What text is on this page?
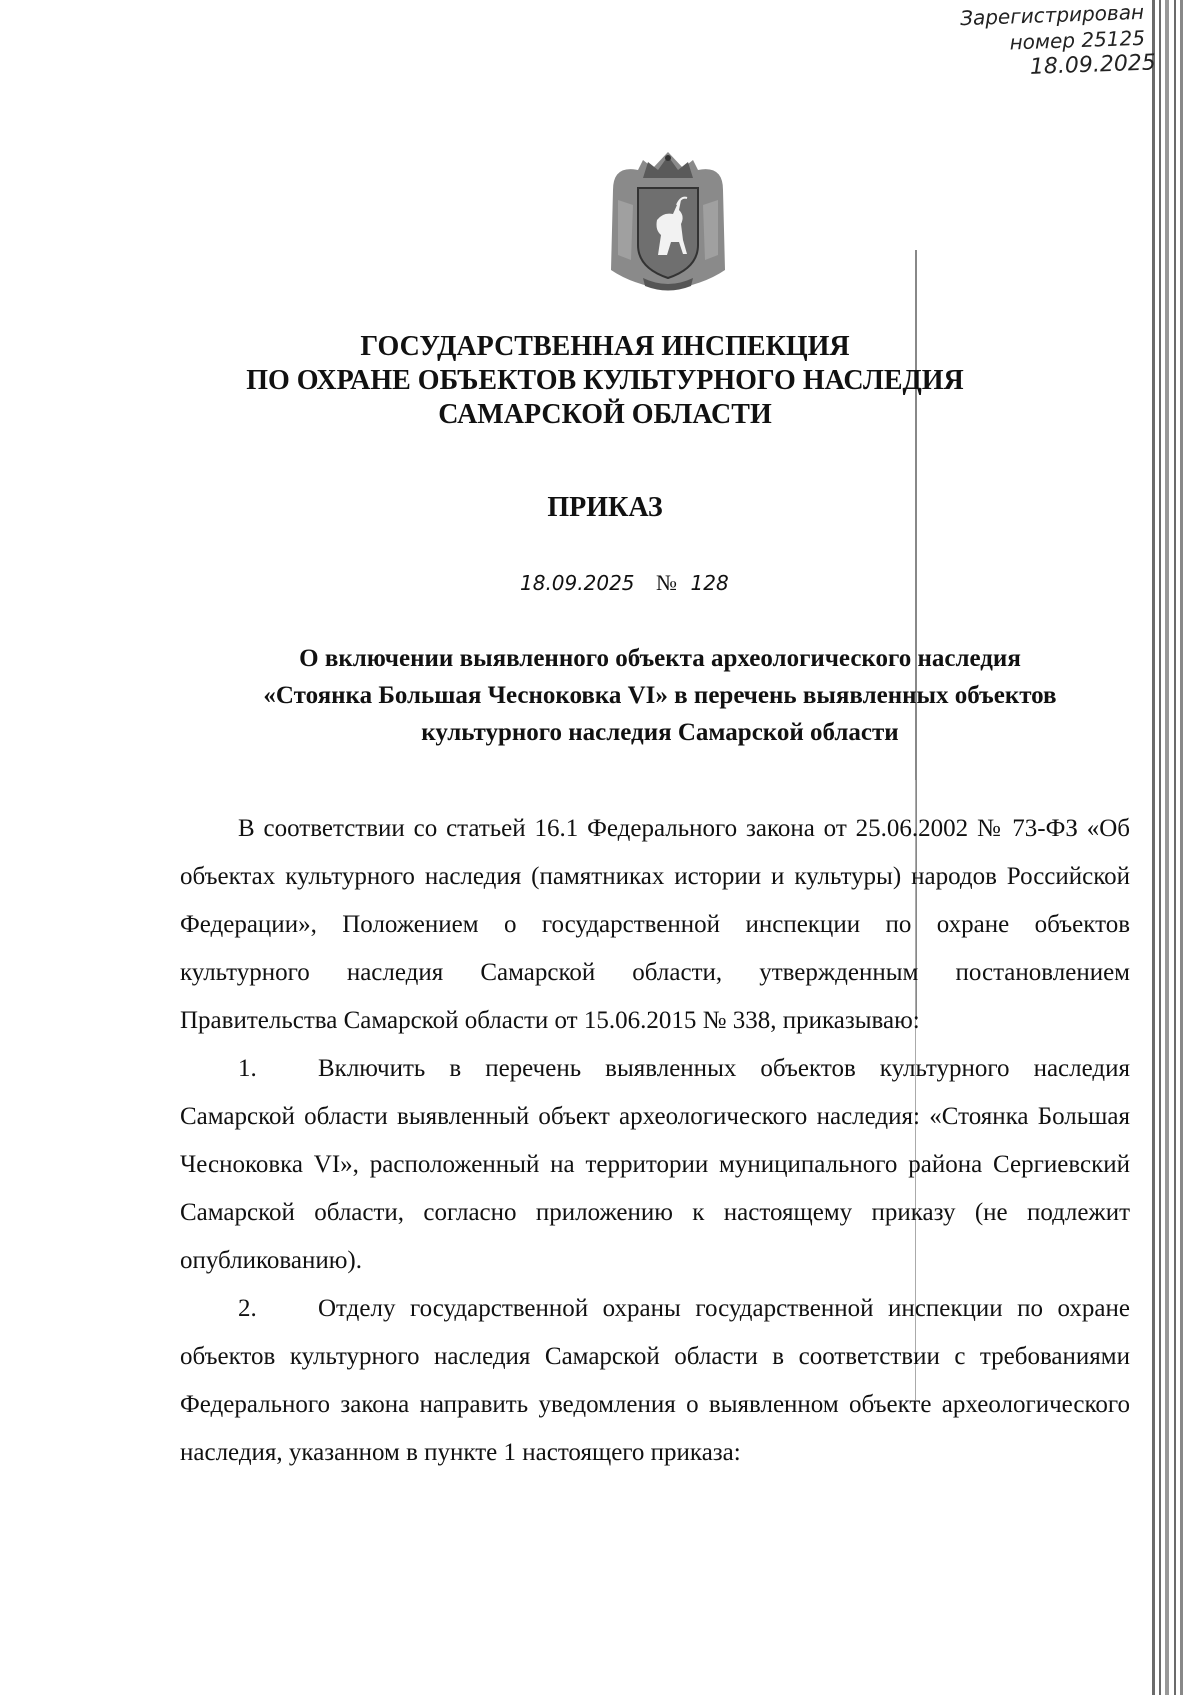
Зарегистрирован
номер 25125
18.09.2025
ГОСУДАРСТВЕННАЯ ИНСПЕКЦИЯ
ПО ОХРАНЕ ОБЪЕКТОВ КУЛЬТУРНОГО НАСЛЕДИЯ
САМАРСКОЙ ОБЛАСТИ
ПРИКАЗ
18.09.2025 № 128
О включении выявленного объекта археологического наследия
«Стоянка Большая Чесноковка VI» в перечень выявленных объектов
культурного наследия Самарской области

В соответствии со статьей 16.1 Федерального закона от 25.06.2002 № 73-ФЗ «Об объектах культурного наследия (памятниках истории и культуры) народов Российской Федерации», Положением о государственной инспекции по охране объектов культурного наследия Самарской области, утвержденным постановлением Правительства Самарской области от 15.06.2015 № 338, приказываю:

1. Включить в перечень выявленных объектов культурного наследия Самарской области выявленный объект археологического наследия: «Стоянка Большая Чесноковка VI», расположенный на территории муниципального района Сергиевский Самарской области, согласно приложению к настоящему приказу (не подлежит опубликованию).

2. Отделу государственной охраны государственной инспекции по охране объектов культурного наследия Самарской области в соответствии с требованиями Федерального закона направить уведомления о выявленном объекте археологического наследия, указанном в пункте 1 настоящего приказа:
